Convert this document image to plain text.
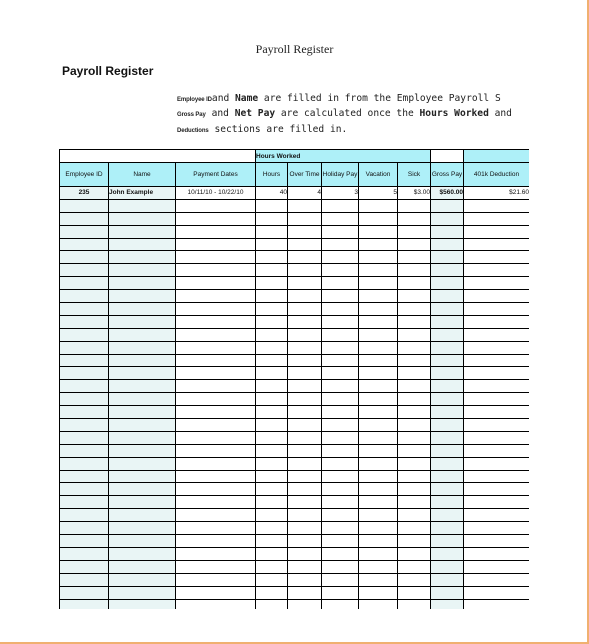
Payroll Register
Payroll Register
Employee IDand Name are filled in from the Employee Payroll S
Gross Pay and Net Pay are calculated once the Hours Worked and
Deductions sections are filled in.
			Hours Worked						
Employee ID	Name	Payment Dates	Hours	Over Time	Holiday Pay	Vacation	Sick	Gross Pay		401k Deduction
235	John Example	10/11/10 - 10/22/10	40	4	3	5	$3.00	$560.00		$21.60
